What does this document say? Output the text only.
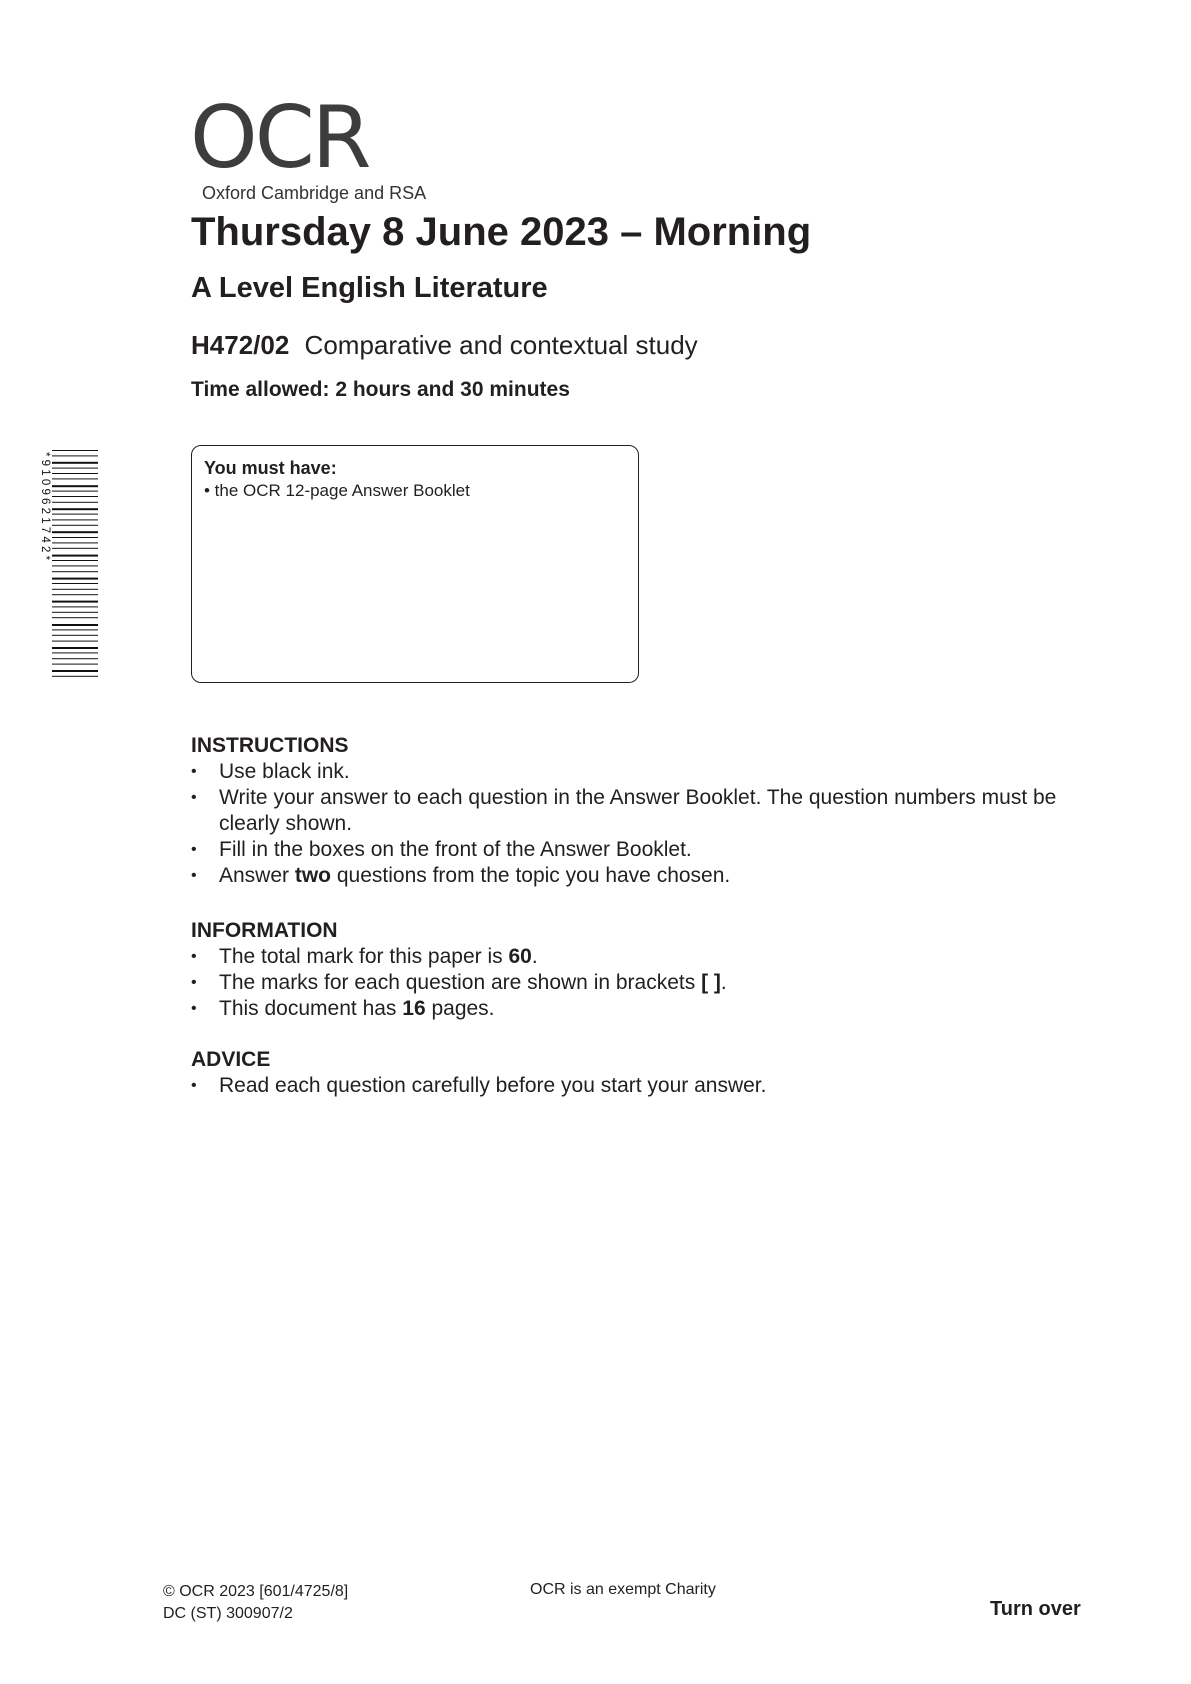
OCR
Oxford Cambridge and RSA
Thursday 8 June 2023 – Morning
A Level English Literature
H472/02 Comparative and contextual study
Time allowed: 2 hours and 30 minutes
* 9 1 0 9 6 2 1 7 4 2 *	You must have:
• the OCR 12-page Answer Booklet
INSTRUCTIONS
• Use black ink.
• Write your answer to each question in the Answer Booklet. The question numbers must be clearly shown.
• Fill in the boxes on the front of the Answer Booklet.
• Answer two questions from the topic you have chosen.
INFORMATION
• The total mark for this paper is 60.
• The marks for each question are shown in brackets [ ].
• This document has 16 pages.
ADVICE
• Read each question carefully before you start your answer.
© OCR 2023 [601/4725/8]
DC (ST) 300907/2
OCR is an exempt Charity
Turn over
